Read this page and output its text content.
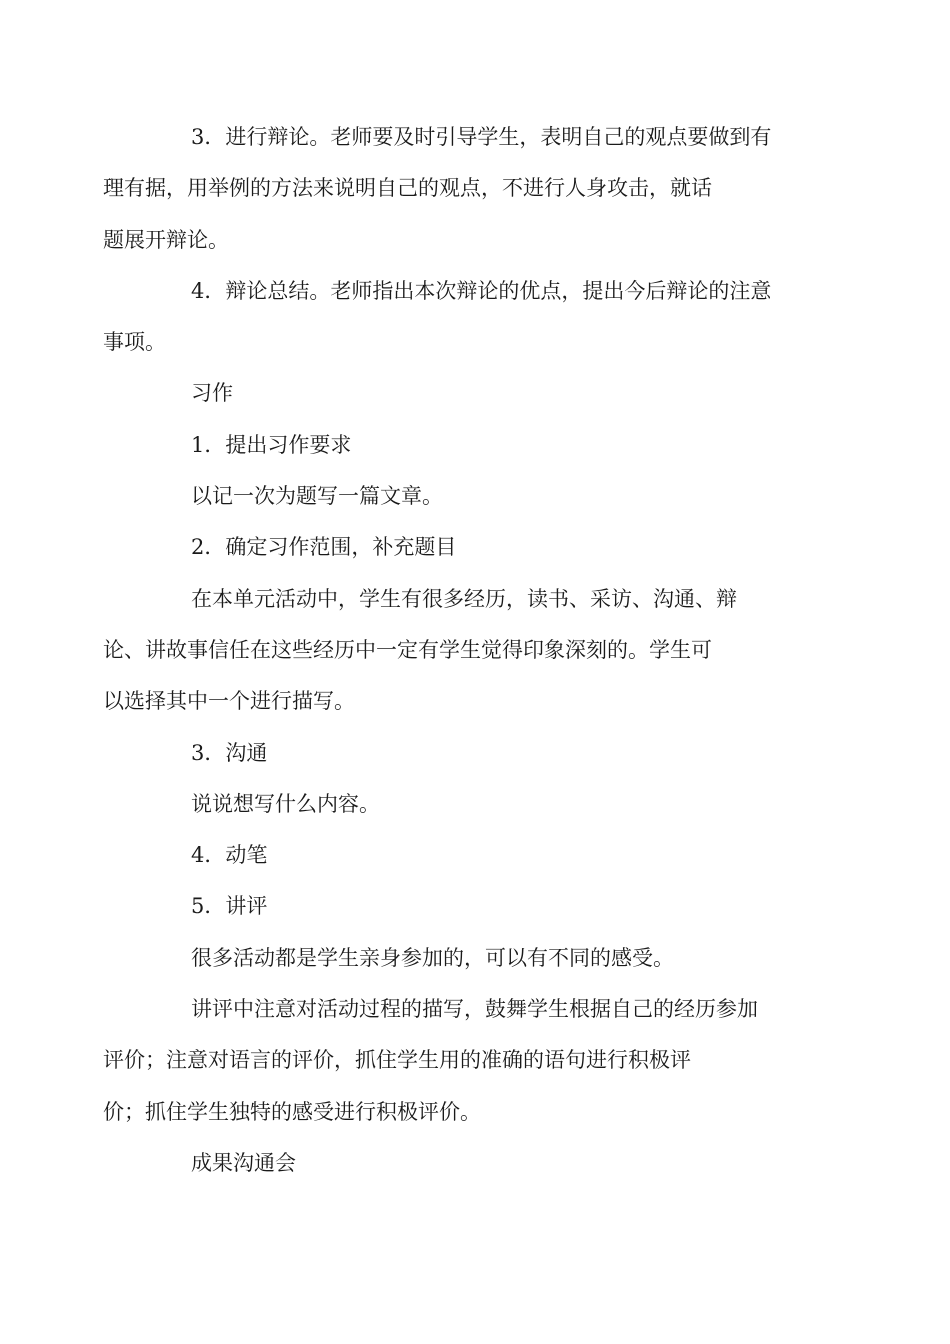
3．进行辩论。老师要及时引导学生，表明自己的观点要做到有
理有据，用举例的方法来说明自己的观点，不进行人身攻击，就话
题展开辩论。

4．辩论总结。老师指出本次辩论的优点，提出今后辩论的注意
事项。

习作

1．提出习作要求

以记一次为题写一篇文章。

2．确定习作范围，补充题目

在本单元活动中，学生有很多经历，读书、采访、沟通、辩
论、讲故事信任在这些经历中一定有学生觉得印象深刻的。学生可
以选择其中一个进行描写。

3．沟通

说说想写什么内容。

4．动笔

5．讲评

很多活动都是学生亲身参加的，可以有不同的感受。

讲评中注意对活动过程的描写，鼓舞学生根据自己的经历参加
评价；注意对语言的评价，抓住学生用的准确的语句进行积极评
价；抓住学生独特的感受进行积极评价。

成果沟通会
